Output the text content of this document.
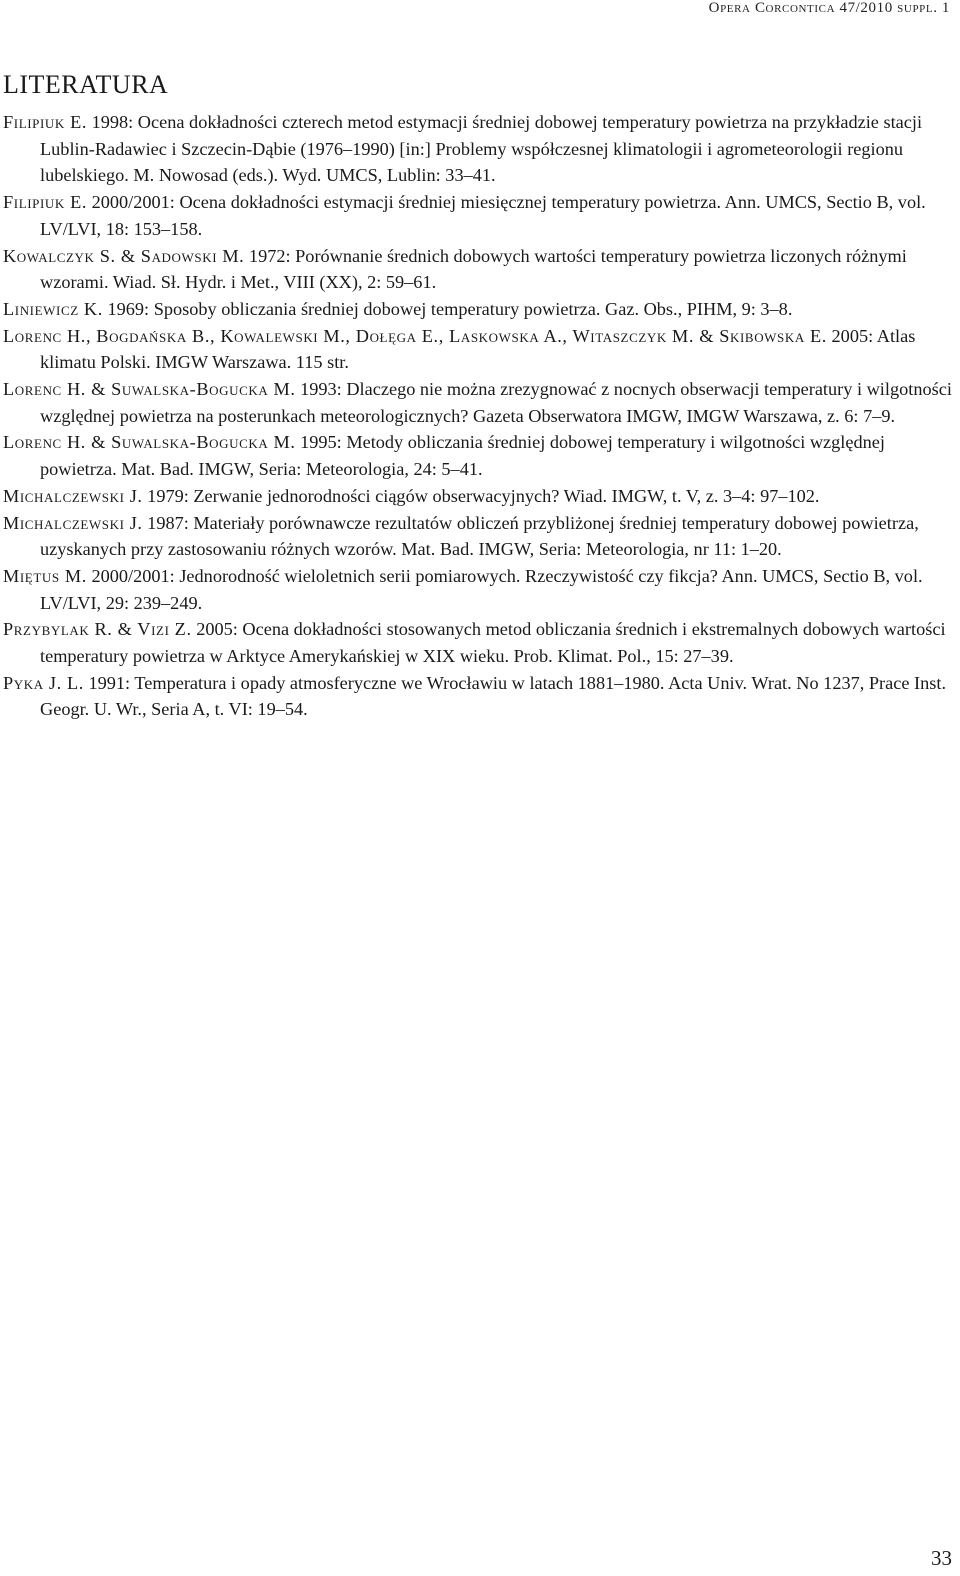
Opera Corcontica 47/2010 suppl. 1
LITERATURA

Filipiuk E. 1998: Ocena dokładności czterech metod estymacji średniej dobowej temperatury powietrza na przykładzie stacji Lublin-Radawiec i Szczecin-Dąbie (1976–1990) [in:] Problemy współczesnej klimatologii i agrometeorologii regionu lubelskiego. M. Nowosad (eds.). Wyd. UMCS, Lublin: 33–41.

Filipiuk E. 2000/2001: Ocena dokładności estymacji średniej miesięcznej temperatury powietrza. Ann. UMCS, Sectio B, vol. LV/LVI, 18: 153–158.

Kowalczyk S. & Sadowski M. 1972: Porównanie średnich dobowych wartości temperatury powietrza liczonych różnymi wzorami. Wiad. Sł. Hydr. i Met., VIII (XX), 2: 59–61.

Liniewicz K. 1969: Sposoby obliczania średniej dobowej temperatury powietrza. Gaz. Obs., PIHM, 9: 3–8.

Lorenc H., Bogdańska B., Kowalewski M., Dołęga E., Laskowska A., Witaszczyk M. & Skibowska E. 2005: Atlas klimatu Polski. IMGW Warszawa. 115 str.

Lorenc H. & Suwalska-Bogucka M. 1993: Dlaczego nie można zrezygnować z nocnych obserwacji temperatury i wilgotności względnej powietrza na posterunkach meteorologicznych? Gazeta Obserwatora IMGW, IMGW Warszawa, z. 6: 7–9.

Lorenc H. & Suwalska-Bogucka M. 1995: Metody obliczania średniej dobowej temperatury i wilgotności względnej powietrza. Mat. Bad. IMGW, Seria: Meteorologia, 24: 5–41.

Michalczewski J. 1979: Zerwanie jednorodności ciągów obserwacyjnych? Wiad. IMGW, t. V, z. 3–4: 97–102.

Michalczewski J. 1987: Materiały porównawcze rezultatów obliczeń przybliżonej średniej temperatury dobowej powietrza, uzyskanych przy zastosowaniu różnych wzorów. Mat. Bad. IMGW, Seria: Meteorologia, nr 11: 1–20.

Miętus M. 2000/2001: Jednorodność wieloletnich serii pomiarowych. Rzeczywistość czy fikcja? Ann. UMCS, Sectio B, vol. LV/LVI, 29: 239–249.

Przybylak R. & Vizi Z. 2005: Ocena dokładności stosowanych metod obliczania średnich i ekstremalnych dobowych wartości temperatury powietrza w Arktyce Amerykańskiej w XIX wieku. Prob. Klimat. Pol., 15: 27–39.

Pyka J. L. 1991: Temperatura i opady atmosferyczne we Wrocławiu w latach 1881–1980. Acta Univ. Wrat. No 1237, Prace Inst. Geogr. U. Wr., Seria A, t. VI: 19–54.

33
